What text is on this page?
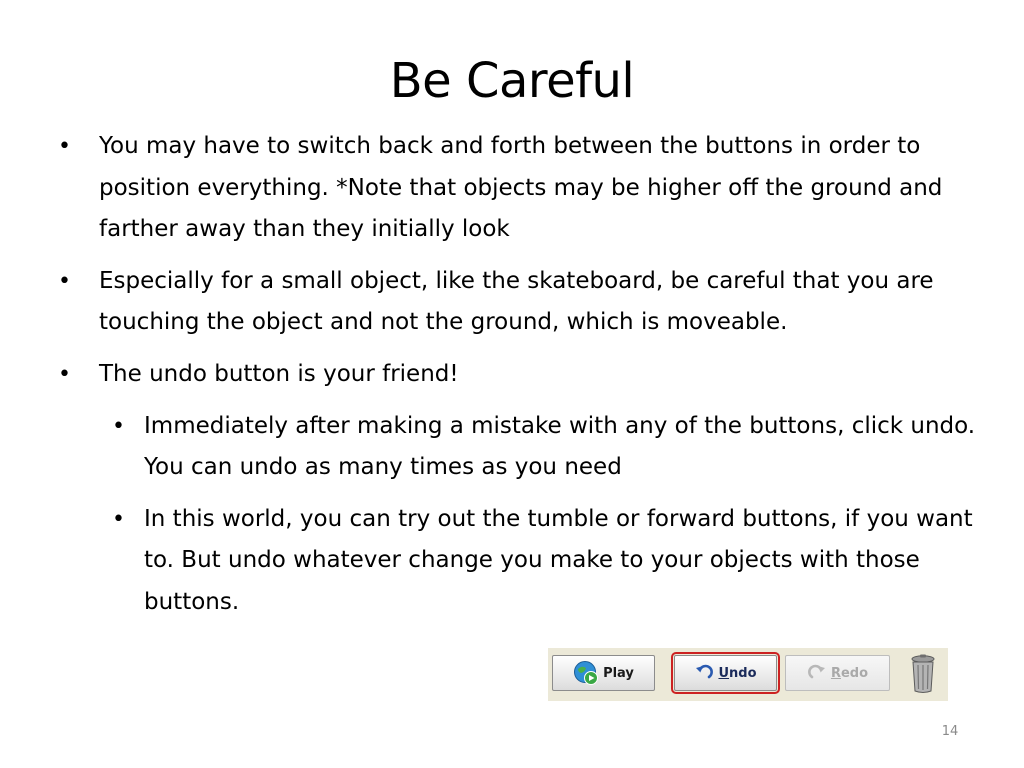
Be Careful
• You may have to switch back and forth between the buttons in order to position everything. *Note that objects may be higher off the ground and farther away than they initially look
• Especially for a small object, like the skateboard, be careful that you are touching the object and not the ground, which is moveable.
• The undo button is your friend!
• Immediately after making a mistake with any of the buttons, click undo. You can undo as many times as you need
• In this world, you can try out the tumble or forward buttons, if you want to. But undo whatever change you make to your objects with those buttons.
Play	Undo	Redo
14
